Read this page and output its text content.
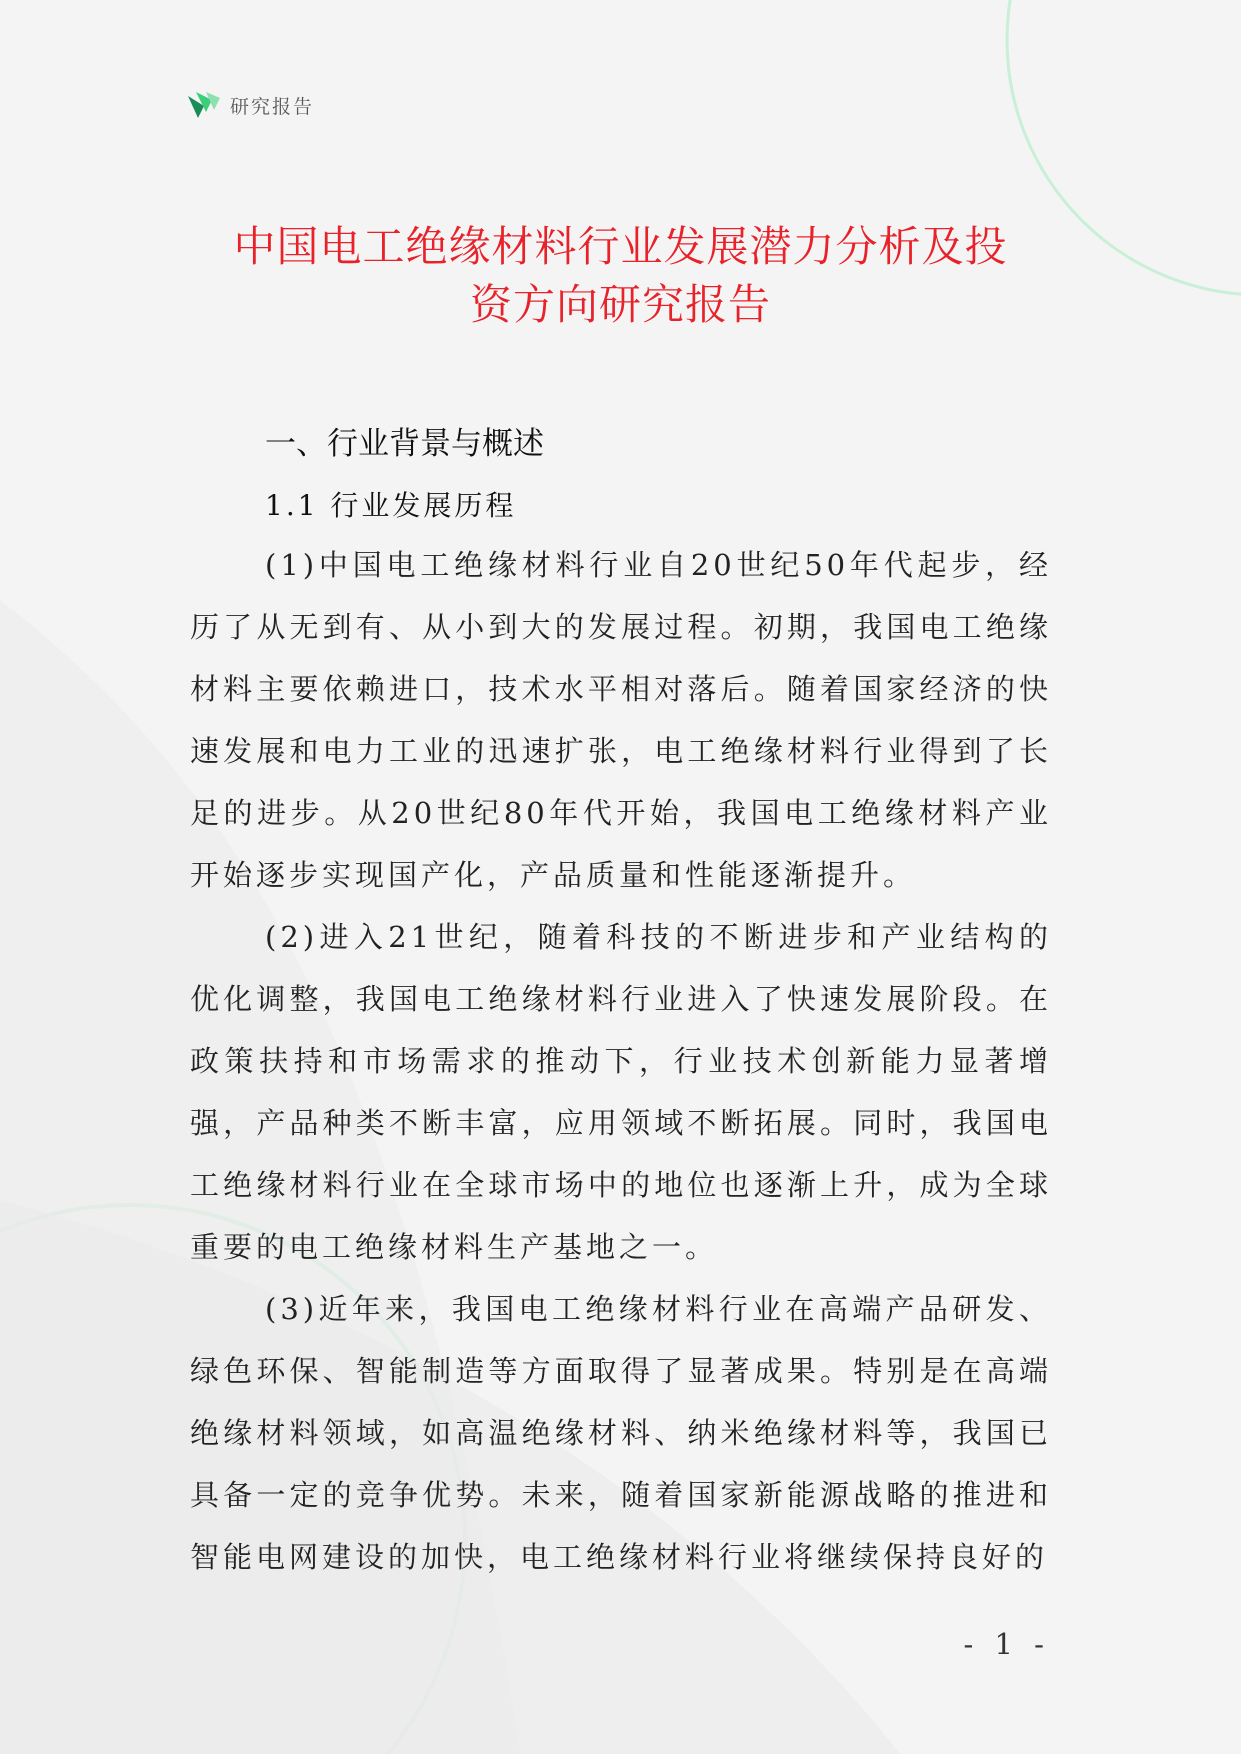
研究报告
中国电工绝缘材料行业发展潜力分析及投
资方向研究报告
一、行业背景与概述
1.1 行业发展历程

(1)中国电工绝缘材料行业自20世纪50年代起步，经历了从无到有、从小到大的发展过程。初期，我国电工绝缘材料主要依赖进口，技术水平相对落后。随着国家经济的快速发展和电力工业的迅速扩张，电工绝缘材料行业得到了长足的进步。从20世纪80年代开始，我国电工绝缘材料产业开始逐步实现国产化，产品质量和性能逐渐提升。

(2)进入21世纪，随着科技的不断进步和产业结构的优化调整，我国电工绝缘材料行业进入了快速发展阶段。在政策扶持和市场需求的推动下，行业技术创新能力显著增强，产品种类不断丰富，应用领域不断拓展。同时，我国电工绝缘材料行业在全球市场中的地位也逐渐上升，成为全球重要的电工绝缘材料生产基地之一。

(3)近年来，我国电工绝缘材料行业在高端产品研发、绿色环保、智能制造等方面取得了显著成果。特别是在高端绝缘材料领域，如高温绝缘材料、纳米绝缘材料等，我国已具备一定的竞争优势。未来，随着国家新能源战略的推进和智能电网建设的加快，电工绝缘材料行业将继续保持良好的

- 1 -
